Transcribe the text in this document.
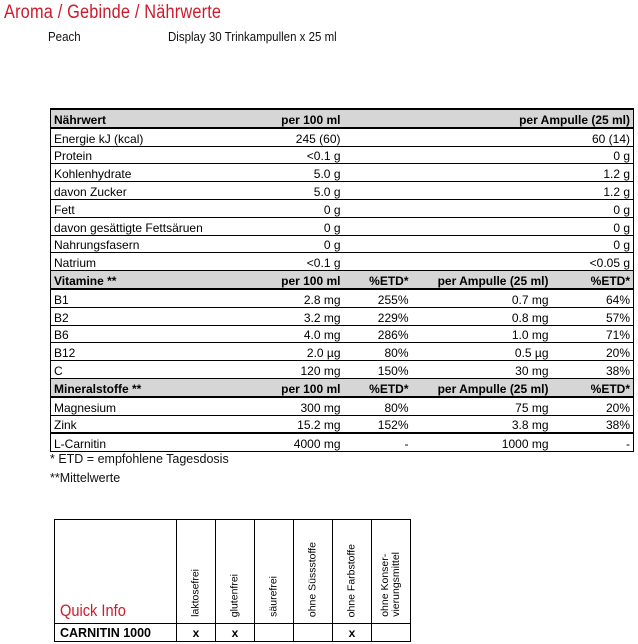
Aroma / Gebinde / Nährwerte
Peach	Display 30 Trinkampullen x 25 ml
Nährwert	per 100 ml		per Ampulle (25 ml)	
Energie kJ (kcal)	245 (60)		60 (14)	
Protein	<0.1 g		0 g	
Kohlenhydrate	5.0 g		1.2 g	
davon Zucker	5.0 g		1.2 g	
Fett	0 g		0 g	
davon gesättigte Fettsäruen	0 g		0 g	
Nahrungsfasern	0 g		0 g	
Natrium	<0.1 g		<0.05 g	
Vitamine **	per 100 ml	%ETD*	per Ampulle (25 ml)	%ETD*
B1	2.8 mg	255%	0.7 mg	64%
B2	3.2 mg	229%	0.8 mg	57%
B6	4.0 mg	286%	1.0 mg	71%
B12	2.0 µg	80%	0.5 µg	20%
C	120 mg	150%	30 mg	38%
Mineralstoffe **	per 100 ml	%ETD*	per Ampulle (25 ml)	%ETD*
Magnesium	300 mg	80%	75 mg	20%
Zink	15.2 mg	152%	3.8 mg	38%
L-Carnitin	4000 mg	-	1000 mg	-
* ETD = empfohlene Tagesdosis
**Mittelwerte
Quick Info	laktosefrei	glutenfrei	säurefrei	ohne Süssstoffe	ohne Farbstoffe	ohne Konser-
vierungsmittel

CARNITIN 1000	x	x			x	
